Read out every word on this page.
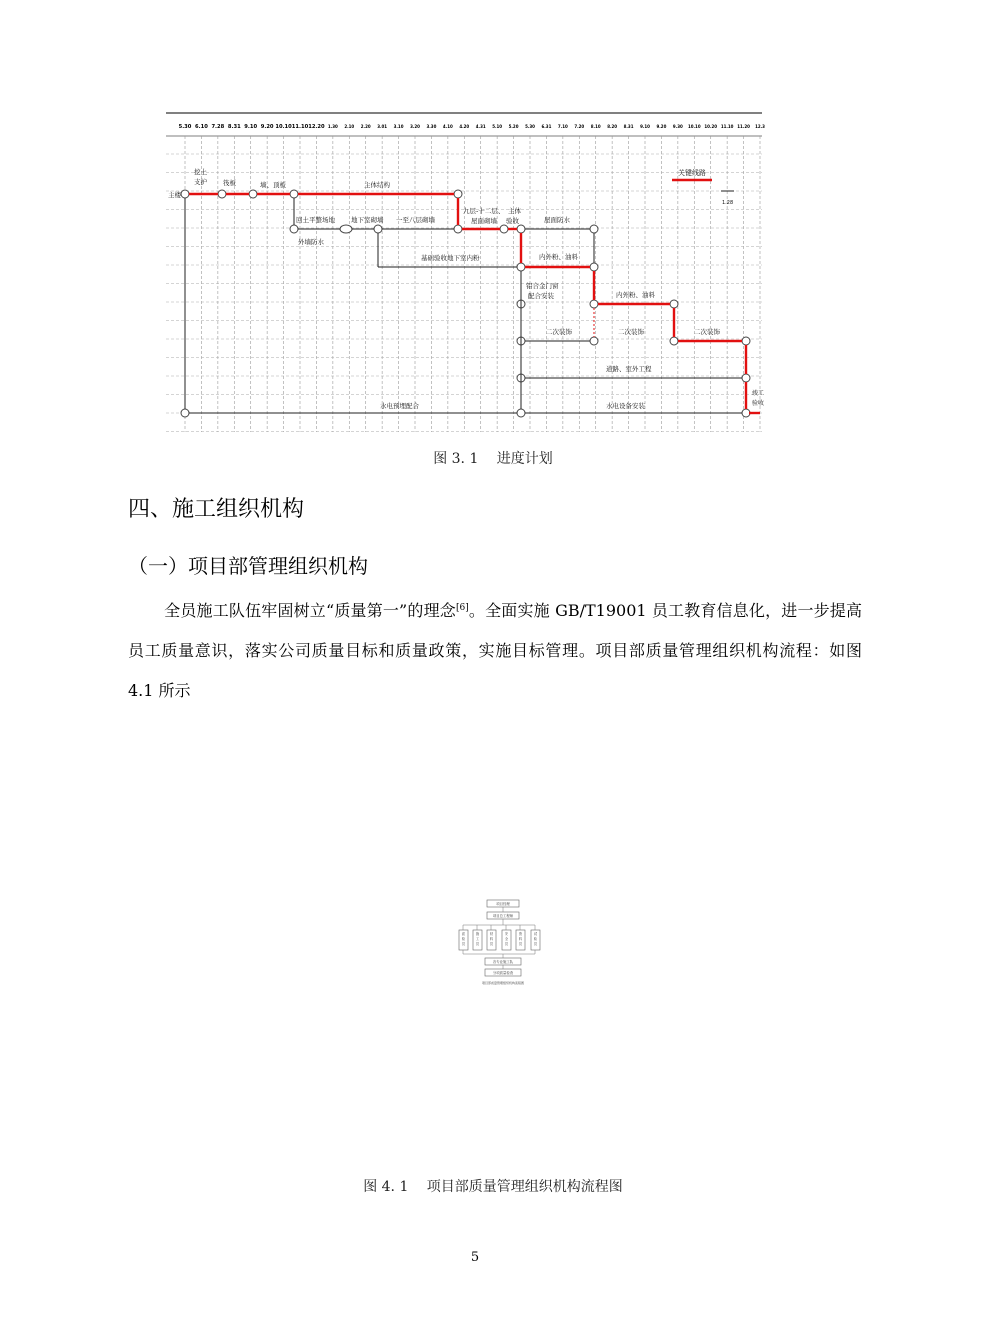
5.30 6.10 7.28 8.31 9.10 9.20 10.10 11.10 12.20 1.30 2.10 2.20 3.01 3.10 3.20 3.30 4.10 4.20 4.31 5.10 5.20 5.30 6.31 7.10 7.20 8.10 8.20 8.31 9.10 9.20 9.30 10.10 10.20 11.10 11.20 12.3
主楼
挖土
支护 筏板	墙、顶板	主体结构
回土平整场地
外墙防水
地下室砌墙 一至八层砌墙
九层-十二层、
屋面砌墙
主体
验收	屋面防水
基础验收地下室内粉	内外粉、油料
铝合金门窗
配合安装	内外粉、油料
二次装饰	二次装饰	二次装饰
道路、室外工程
水电预埋配合	水电设备安装
关键线路
1.28
竣工
验收
图 3. 1　 进度计划
四、施工组织机构
（一）项目部管理组织机构

全员施工队伍牢固树立“质量第一”的理念[6]。全面实施 GB/T19001 员工教育信息化，进一步提高员工质量意识，落实公司质量目标和质量政策，实施目标管理。项目部质量管理组织机构流程：如图 4.1 所示

项目经理
项目总工程师
各专业施工队
分项质量检查
项目部质量管理组织机构流程图
质
检
员
施
工
员
材
料
员
安
全
员
资
料
员
试
验
员
图 4. 1　 项目部质量管理组织机构流程图
5
